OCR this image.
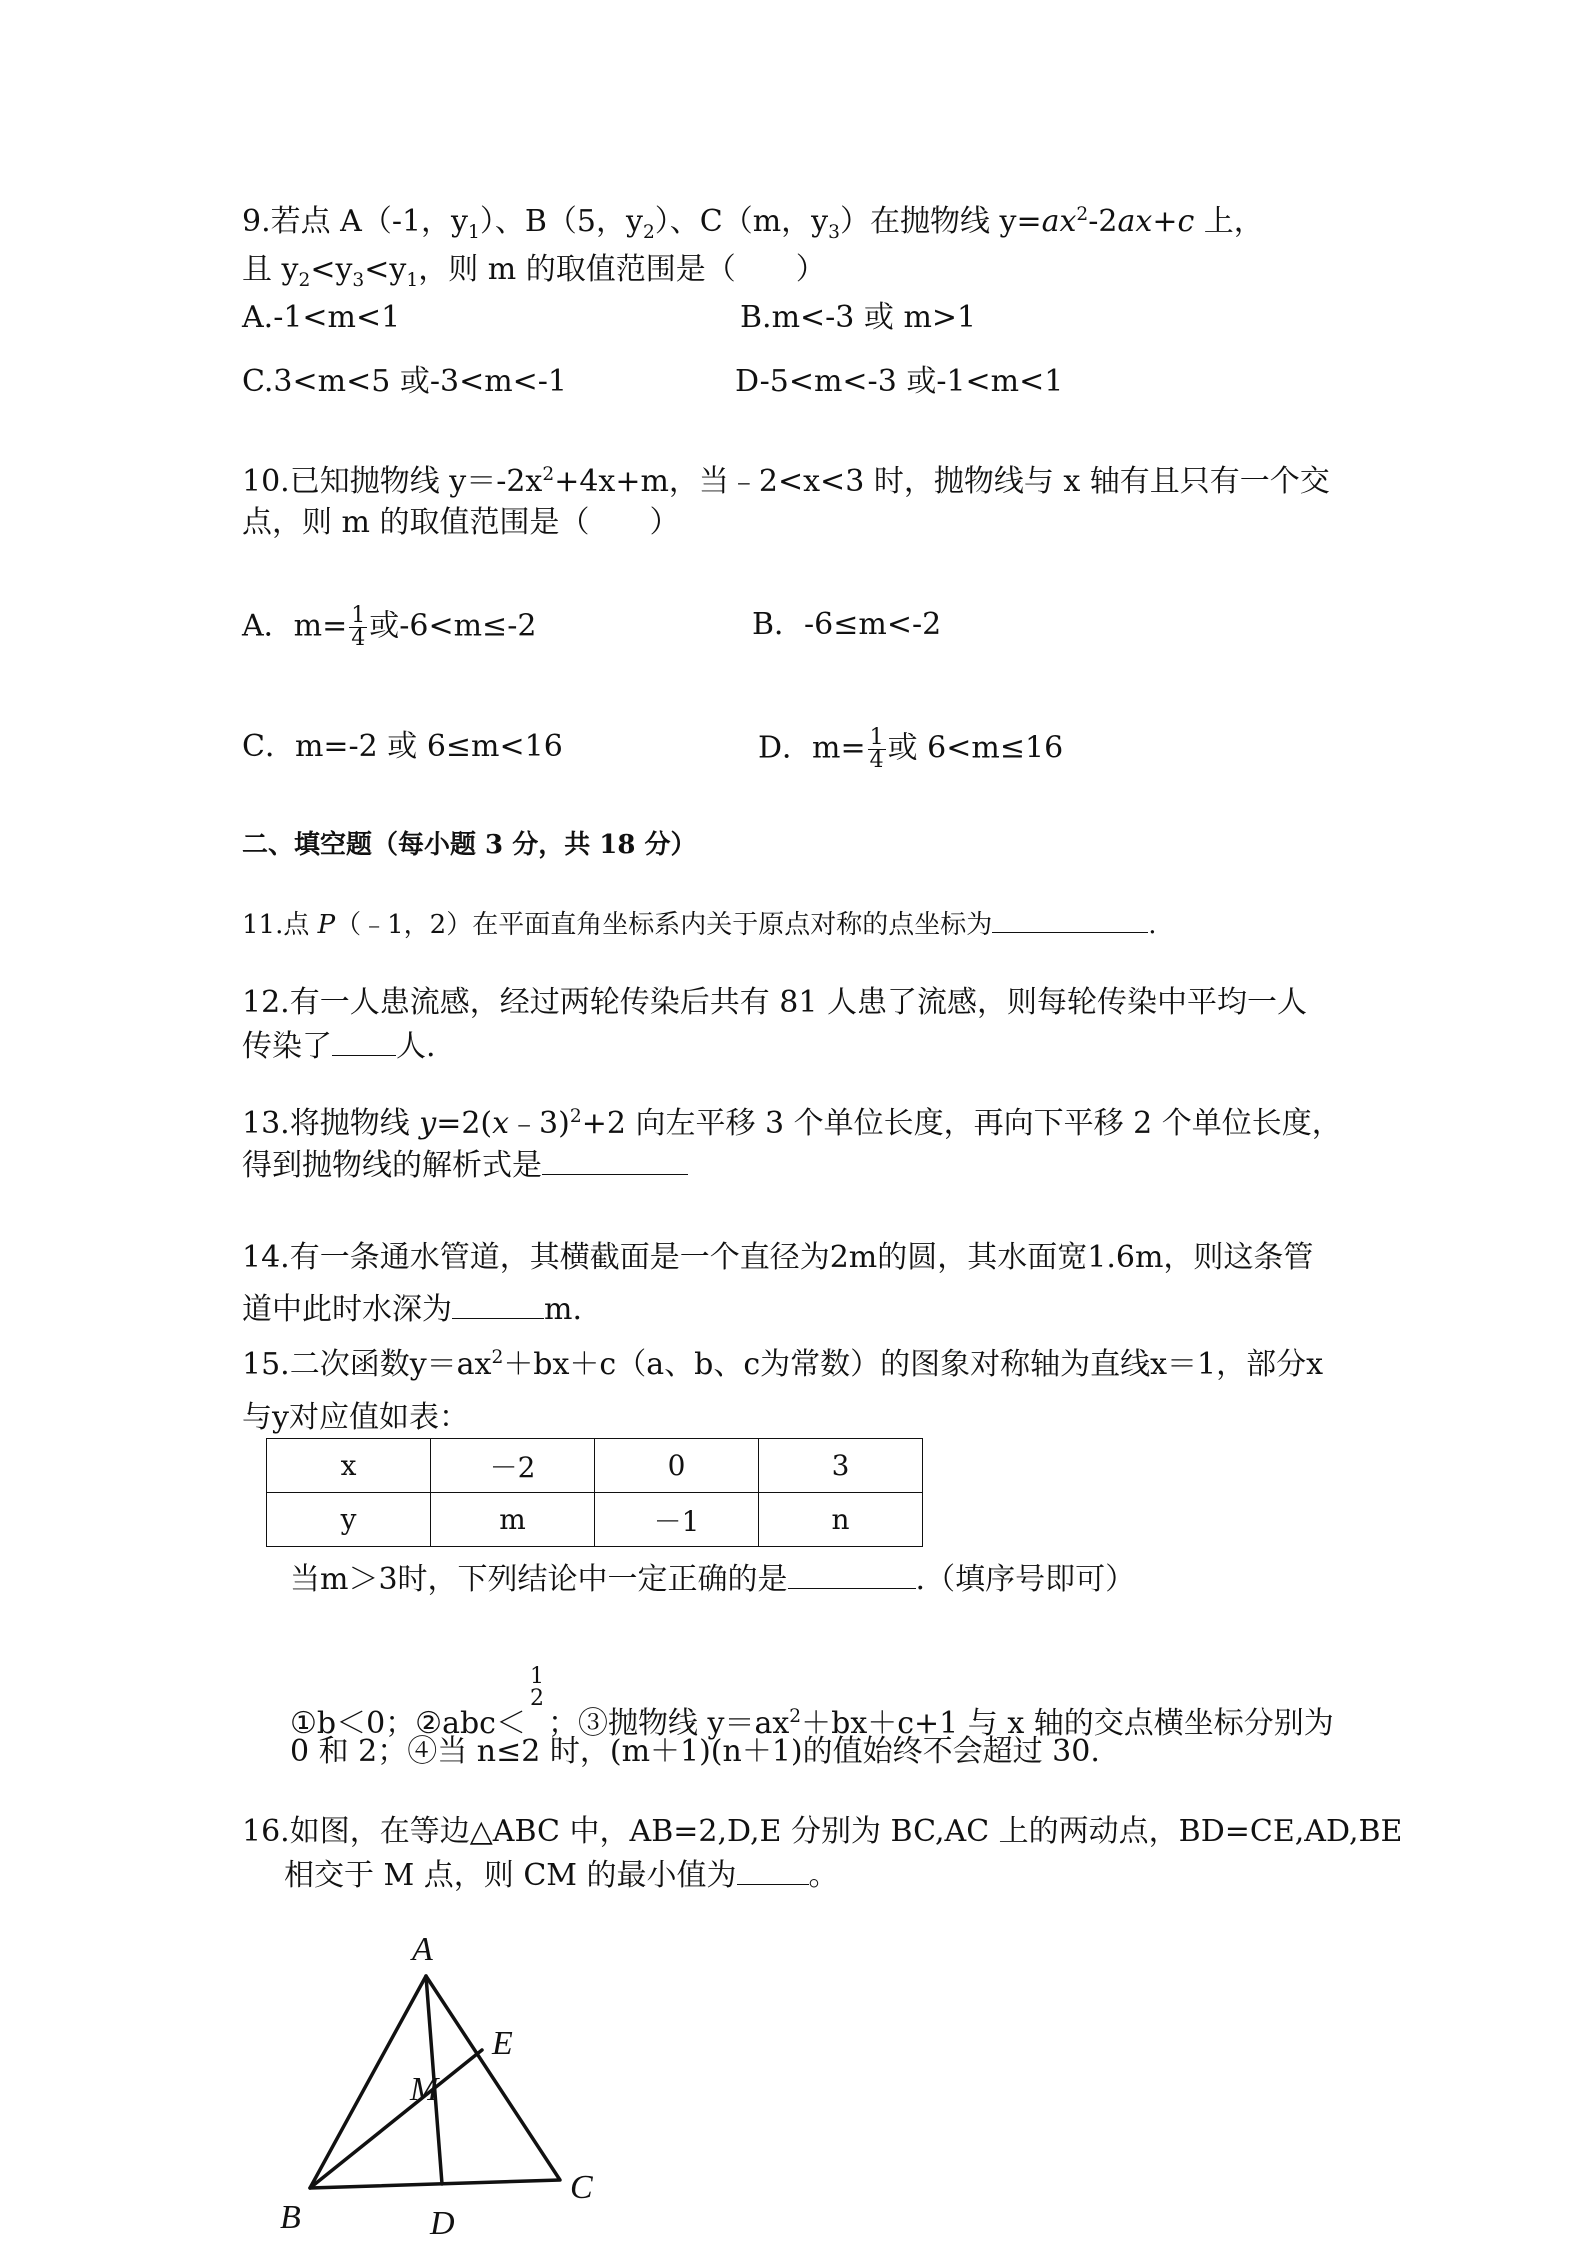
9.若点 A（-1，$y_1$）、B（5，$y_2$）、C（m，$y_3$）在抛物线 $y=ax^2-2ax+c$ 上，
且 $y_2<y_3<y_1$，则 m 的取值范围是（　　）
A.-1<m<1	B.m<-3 或 m>1
C.3<m<5 或-3<m<-1	D-5<m<-3 或-1<m<1
10.已知抛物线 $y=-2x^2+4x+m$，当﹣2<x<3 时，抛物线与 x 轴有且只有一个交
点，则 m 的取值范围是（　　）
A．$m= \frac{1}{4}$ 或-6<m≤-2	B．-6≤m<-2
C．m=-2 或 6≤m<16	D．$m= \frac{1}{4}$ 或 6<m≤16
二、填空题（每小题 3 分，共 18 分）
11.点 P（﹣1，2）在平面直角坐标系内关于原点对称的点坐标为	.
12.有一人患流感，经过两轮传染后共有 81 人患了流感，则每轮传染中平均一人
传染了 人.
13.将抛物线 y=2(x﹣3)$^2$+2 向左平移 3 个单位长度，再向下平移 2 个单位长度，
得到抛物线的解析式是
14.有一条通水管道，其横截面是一个直径为2m的圆，其水面宽1.6m，则这条管
道中此时水深为	m.
15.二次函数$y=ax^2+bx+c(a$、b、c为常数）的图象对称轴为直线x＝1，部分x
与y对应值如表：
x	－2	0	3
y	m	－1	n
当m＞3时，下列结论中一定正确的是	.（填序号即可）
①b＜0；②abc＜
1
2
；③抛物线 $y=ax^2+bx+c+1$ 与 x 轴的交点横坐标分别为
0 和 2；④当 n≤2 时，(m＋1)(n＋1)的值始终不会超过 30.
16.如图，在等边△ABC 中，AB=2,D,E 分别为 BC,AC 上的两动点，BD=CE,AD,BE
相交于 M 点，则 CM 的最小值为 。
A
B
C
D
E
M
